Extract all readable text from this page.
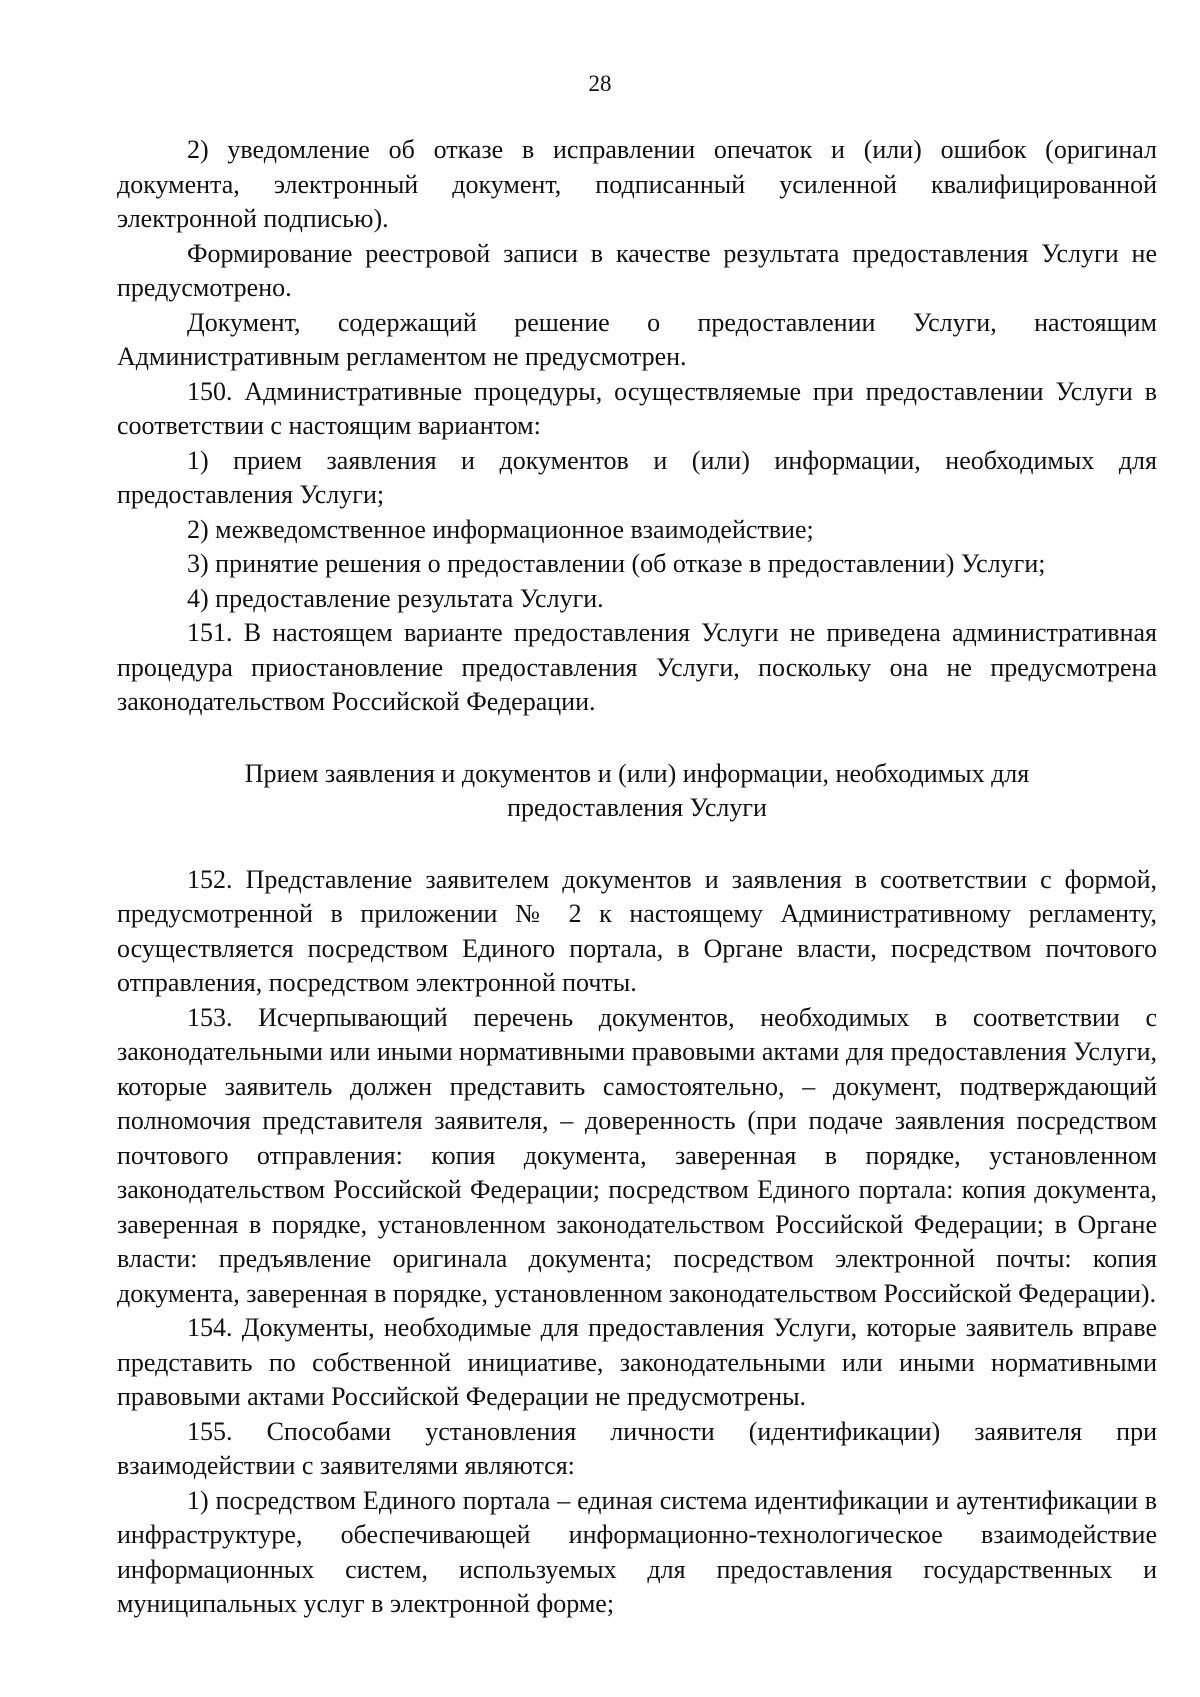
28

2) уведомление об отказе в исправлении опечаток и (или) ошибок (оригинал документа, электронный документ, подписанный усиленной квалифицированной электронной подписью).

Формирование реестровой записи в качестве результата предоставления Услуги не предусмотрено.

Документ, содержащий решение о предоставлении Услуги, настоящим Административным регламентом не предусмотрен.

150. Административные процедуры, осуществляемые при предоставлении Услуги в соответствии с настоящим вариантом:

1) прием заявления и документов и (или) информации, необходимых для предоставления Услуги;

2) межведомственное информационное взаимодействие;

3) принятие решения о предоставлении (об отказе в предоставлении) Услуги;

4) предоставление результата Услуги.

151. В настоящем варианте предоставления Услуги не приведена административная процедура приостановление предоставления Услуги, поскольку она не предусмотрена законодательством Российской Федерации.

Прием заявления и документов и (или) информации, необходимых для
предоставления Услуги

152. Представление заявителем документов и заявления в соответствии с формой, предусмотренной в приложении № 2 к настоящему Административному регламенту, осуществляется посредством Единого портала, в Органе власти, посредством почтового отправления, посредством электронной почты.

153. Исчерпывающий перечень документов, необходимых в соответствии с законодательными или иными нормативными правовыми актами для предоставления Услуги, которые заявитель должен представить самостоятельно, – документ, подтверждающий полномочия представителя заявителя, – доверенность (при подаче заявления посредством почтового отправления: копия документа, заверенная в порядке, установленном законодательством Российской Федерации; посредством Единого портала: копия документа, заверенная в порядке, установленном законодательством Российской Федерации; в Органе власти: предъявление оригинала документа; посредством электронной почты: копия документа, заверенная в порядке, установленном законодательством Российской Федерации).

154. Документы, необходимые для предоставления Услуги, которые заявитель вправе представить по собственной инициативе, законодательными или иными нормативными правовыми актами Российской Федерации не предусмотрены.

155. Способами установления личности (идентификации) заявителя при взаимодействии с заявителями являются:

1) посредством Единого портала – единая система идентификации и аутентификации в инфраструктуре, обеспечивающей информационно-технологическое взаимодействие информационных систем, используемых для предоставления государственных и муниципальных услуг в электронной форме;
